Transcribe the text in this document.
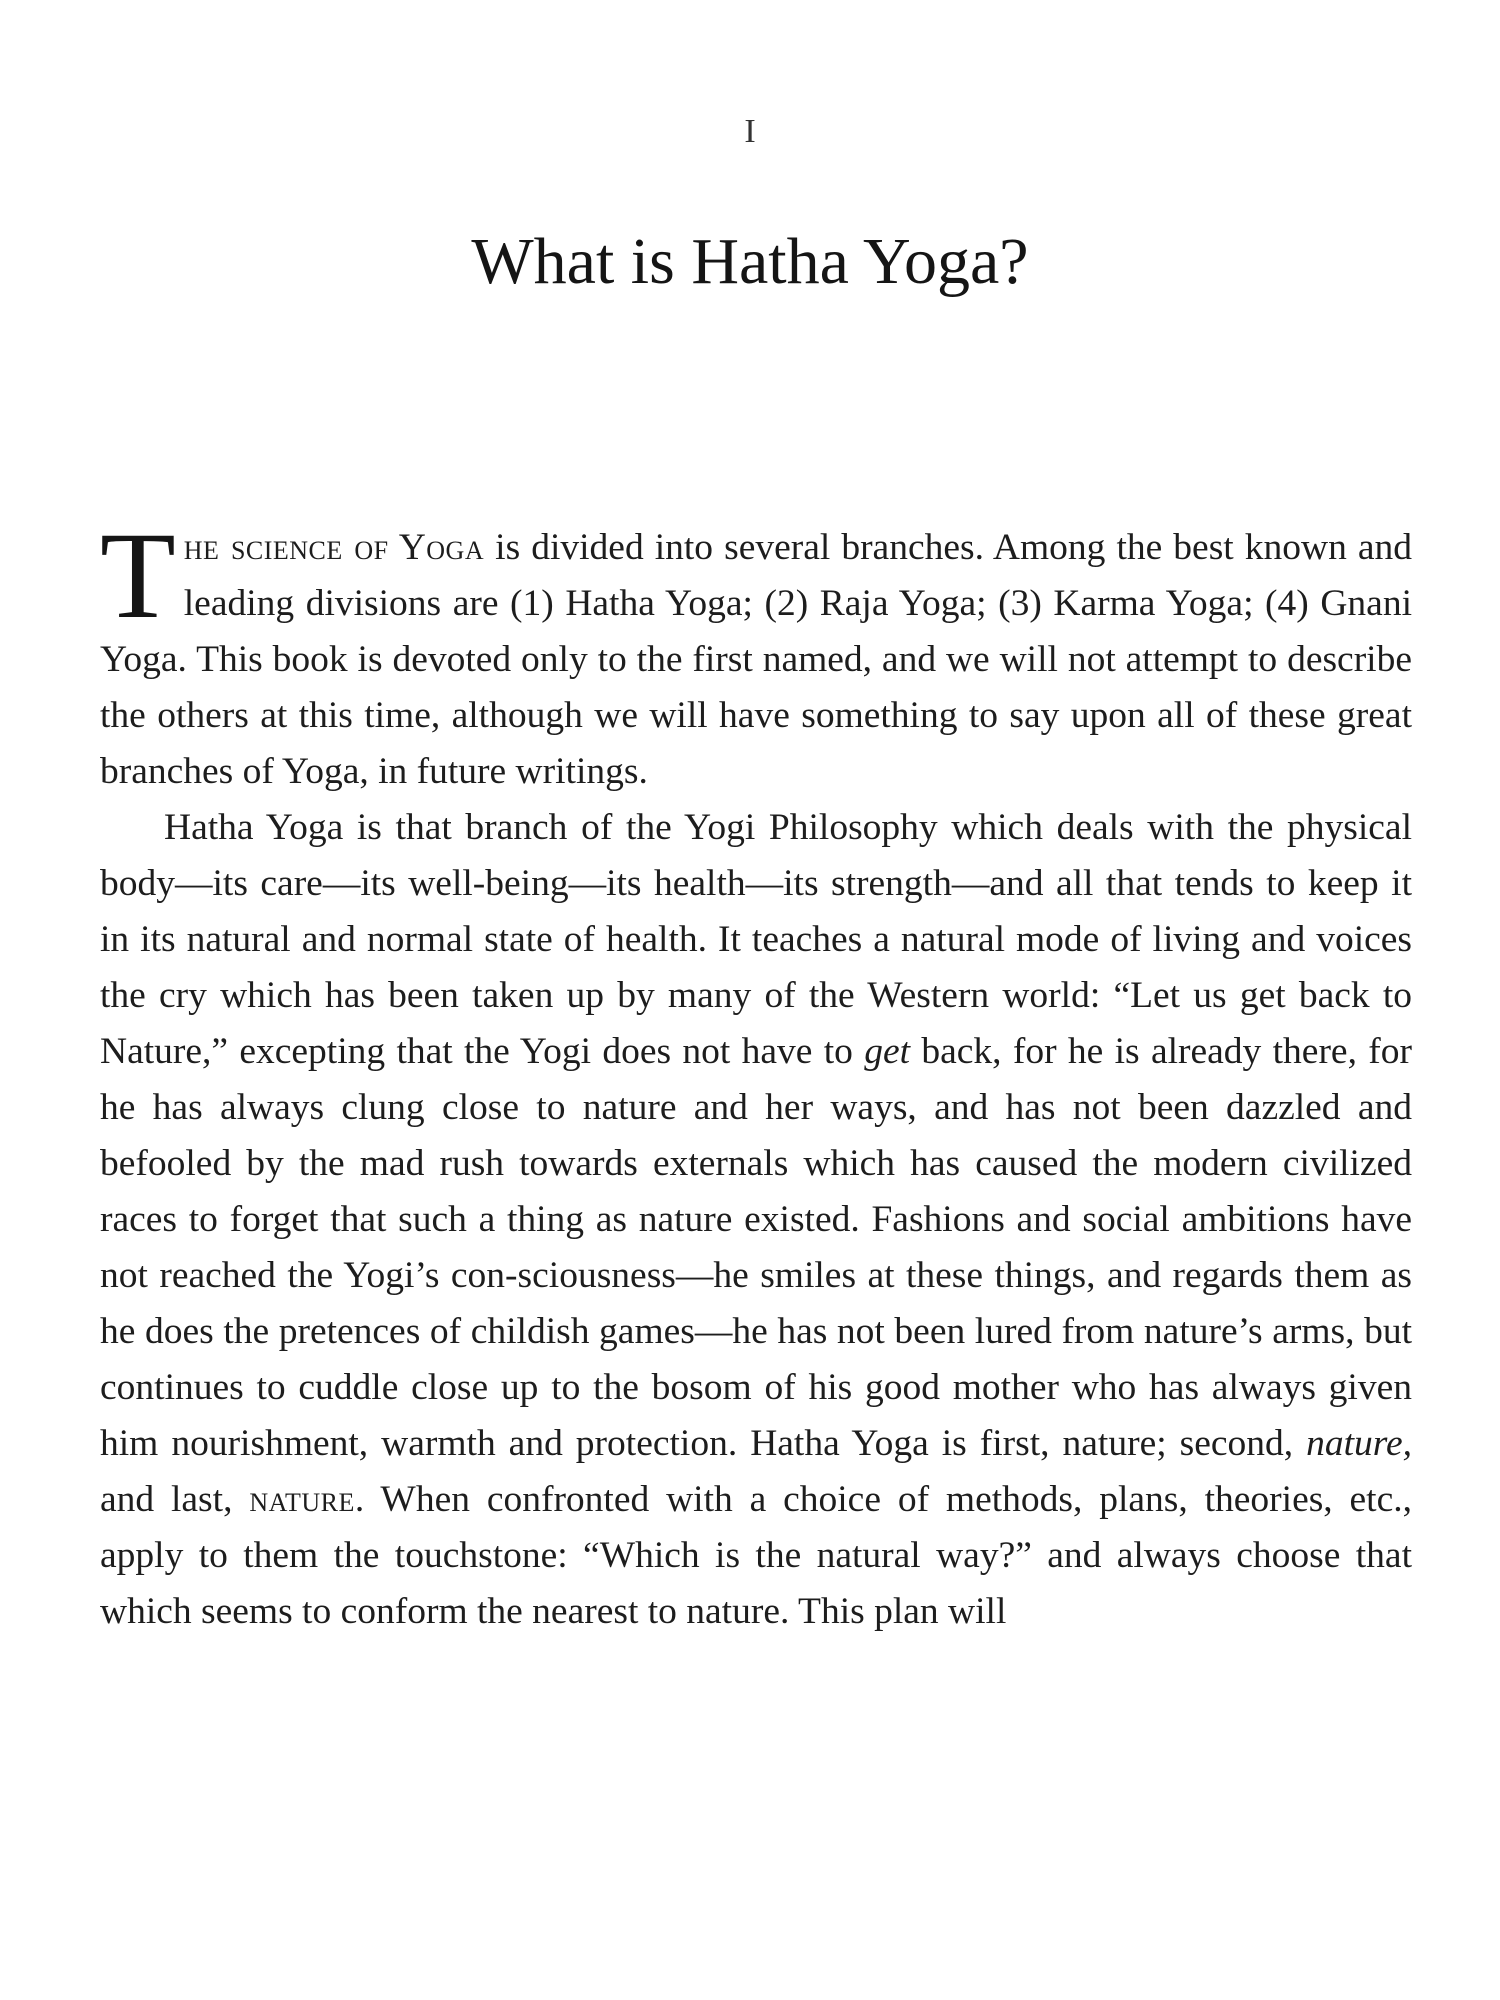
I
What is Hatha Yoga?

The science of Yoga is divided into several branches. Among the best known and leading divisions are (1) Hatha Yoga; (2) Raja Yoga; (3) Karma Yoga; (4) Gnani Yoga. This book is devoted only to the first named, and we will not attempt to describe the others at this time, although we will have something to say upon all of these great branches of Yoga, in future writings.

Hatha Yoga is that branch of the Yogi Philosophy which deals with the physical body—its care—its well-being—its health—its strength—and all that tends to keep it in its natural and normal state of health. It teaches a natural mode of living and voices the cry which has been taken up by many of the Western world: “Let us get back to Nature,” excepting that the Yogi does not have to get back, for he is already there, for he has always clung close to nature and her ways, and has not been dazzled and befooled by the mad rush towards externals which has caused the modern civilized races to forget that such a thing as nature existed. Fashions and social ambitions have not reached the Yogi’s con-sciousness—he smiles at these things, and regards them as he does the pretences of childish games—he has not been lured from nature’s arms, but continues to cuddle close up to the bosom of his good mother who has always given him nourishment, warmth and protection. Hatha Yoga is first, nature; second, nature, and last, nature. When confronted with a choice of methods, plans, theories, etc., apply to them the touchstone: “Which is the natural way?” and always choose that which seems to conform the nearest to nature. This plan will
